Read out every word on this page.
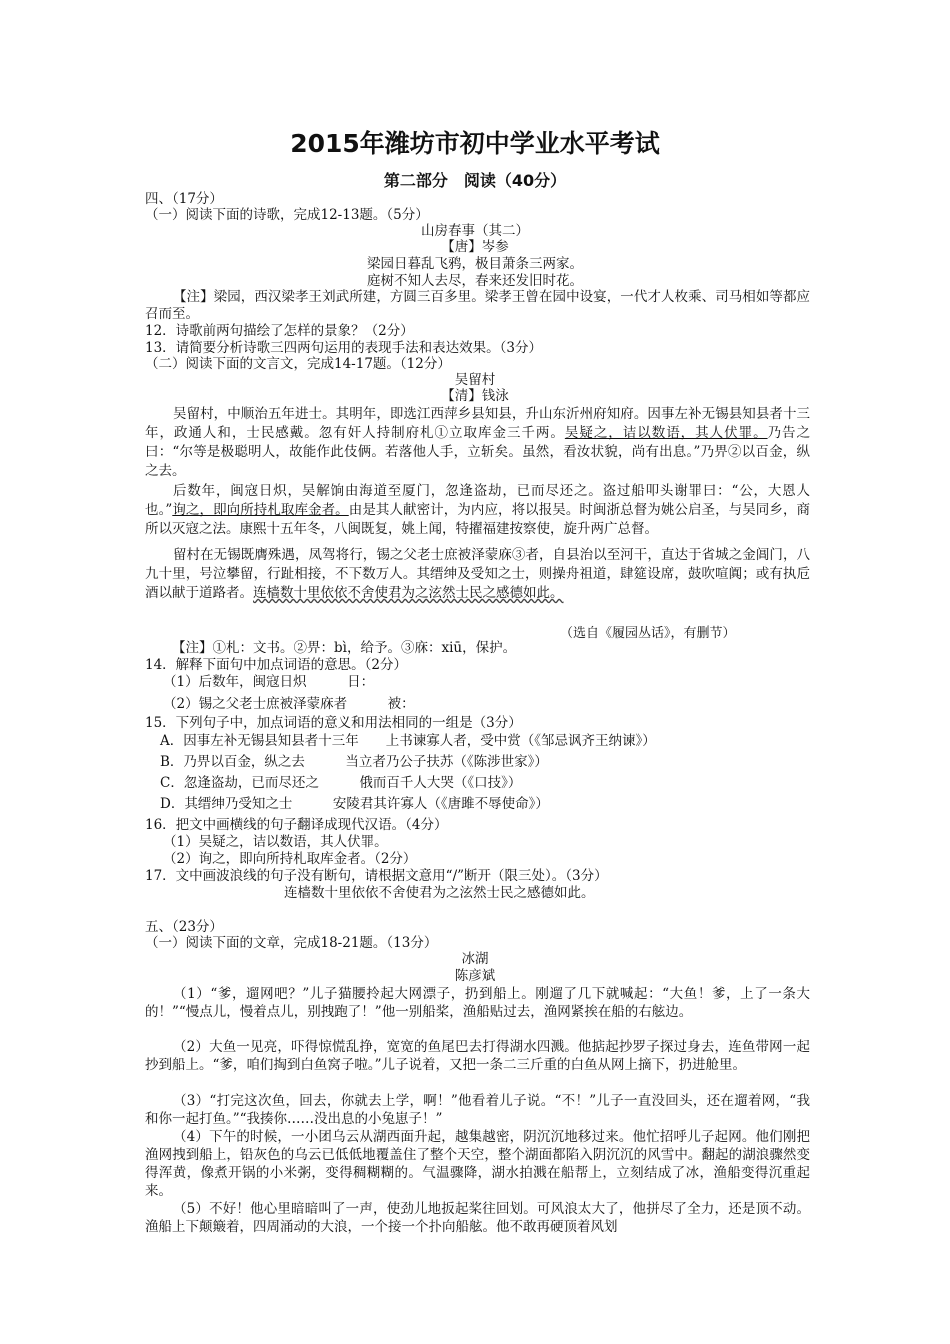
2015年潍坊市初中学业水平考试
第二部分　阅读（40分）
四、（17分）
（一）阅读下面的诗歌，完成12-13题。（5分）
山房春事（其二）
【唐】岑参
梁园日暮乱飞鸦，极目萧条三两家。
庭树不知人去尽，春来还发旧时花。
【注】梁园，西汉梁孝王刘武所建，方圆三百多里。梁孝王曾在园中设宴，一代才人枚乘、司马相如等都应召而至。
12．诗歌前两句描绘了怎样的景象？（2分）
13．请简要分析诗歌三四两句运用的表现手法和表达效果。（3分）
（二）阅读下面的文言文，完成14-17题。（12分）
吴留村
【清】钱泳
吴留村，中顺治五年进士。其明年，即选江西萍乡县知县，升山东沂州府知府。因事左补无锡县知县者十三年，政通人和，士民感戴。忽有奸人持制府札①立取库金三千两。吴疑之，诘以数语，其人伏罪。乃告之曰：“尔等是极聪明人，故能作此伎俩。若落他人手，立斩矣。虽然，看汝状貌，尚有出息。”乃畀②以百金，纵之去。
后数年，闽寇日炽，吴解饷由海道至厦门，忽逢盗劫，已而尽还之。盗过船叩头谢罪曰：“公，大恩人也。”询之，即向所持札取库金者。由是其人献密计，为内应，将以报吴。时闽浙总督为姚公启圣，与吴同乡，商所以灭寇之法。康熙十五年冬，八闽既复，姚上闻，特擢福建按察使，旋升两广总督。
留村在无锡既膺殊遇，凤驾将行，锡之父老士庶被泽蒙庥③者，自县治以至河干，直达于省城之金阊门，八九十里，号泣攀留，行趾相接，不下数万人。其缙绅及受知之士，则操舟祖道，肆筵设席，鼓吹喧阗；或有执卮酒以献于道路者。连樯数十里依依不舍使君为之泫然士民之感德如此。
（选自《履园丛话》，有删节）
【注】①札：文书。②畀：bì，给予。③庥：xiū，保护。
14．解释下面句中加点词语的意思。（2分）
（1）后数年，闽寇日炽　　　日：
（2）锡之父老士庶被泽蒙庥者　　　被：
15．下列句子中，加点词语的意义和用法相同的一组是（3分）
A．因事左补无锡县知县者十三年　　上书谏寡人者，受中赏（《邹忌讽齐王纳谏》）
B．乃畀以百金，纵之去　　　当立者乃公子扶苏（《陈涉世家》）
C．忽逢盗劫，已而尽还之　　　俄而百千人大哭（《口技》）
D．其缙绅乃受知之士　　　安陵君其许寡人（《唐雎不辱使命》）
16．把文中画横线的句子翻译成现代汉语。（4分）
（1）吴疑之，诘以数语，其人伏罪。
（2）询之，即向所持札取库金者。（2分）
17．文中画波浪线的句子没有断句，请根据文意用“/”断开（限三处）。（3分）
连樯数十里依依不舍使君为之泫然士民之感德如此。
五、（23分）
（一）阅读下面的文章，完成18-21题。（13分）
冰湖
陈彦斌
（1）“爹，遛网吧？”儿子猫腰拎起大网漂子，扔到船上。刚遛了几下就喊起：“大鱼！爹，上了一条大的！”“慢点儿，慢着点儿，别拽跑了！”他一别船桨，渔船贴过去，渔网紧挨在船的右舷边。
（2）大鱼一见亮，吓得惊慌乱挣，宽宽的鱼尾巴去打得湖水四溅。他掂起抄罗子探过身去，连鱼带网一起抄到船上。“爹，咱们掏到白鱼窝子啦。”儿子说着，又把一条二三斤重的白鱼从网上摘下，扔进舱里。
（3）“打完这次鱼，回去，你就去上学，啊！”他看着儿子说。“不！”儿子一直没回头，还在遛着网，“我和你一起打鱼。”“我揍你……没出息的小兔崽子！”
（4）下午的时候，一小团乌云从湖西面升起，越集越密，阴沉沉地移过来。他忙招呼儿子起网。他们刚把渔网拽到船上，铅灰色的乌云已低低地覆盖住了整个天空，整个湖面都陷入阴沉沉的风雪中。翻起的湖浪骤然变得浑黄，像煮开锅的小米粥，变得稠糊糊的。气温骤降，湖水拍溅在船帮上，立刻结成了冰，渔船变得沉重起来。
（5）不好！他心里暗暗叫了一声，使劲儿地扳起桨往回划。可风浪太大了，他拼尽了全力，还是顶不动。渔船上下颠簸着，四周涌动的大浪，一个接一个扑向船舷。他不敢再硬顶着风划
